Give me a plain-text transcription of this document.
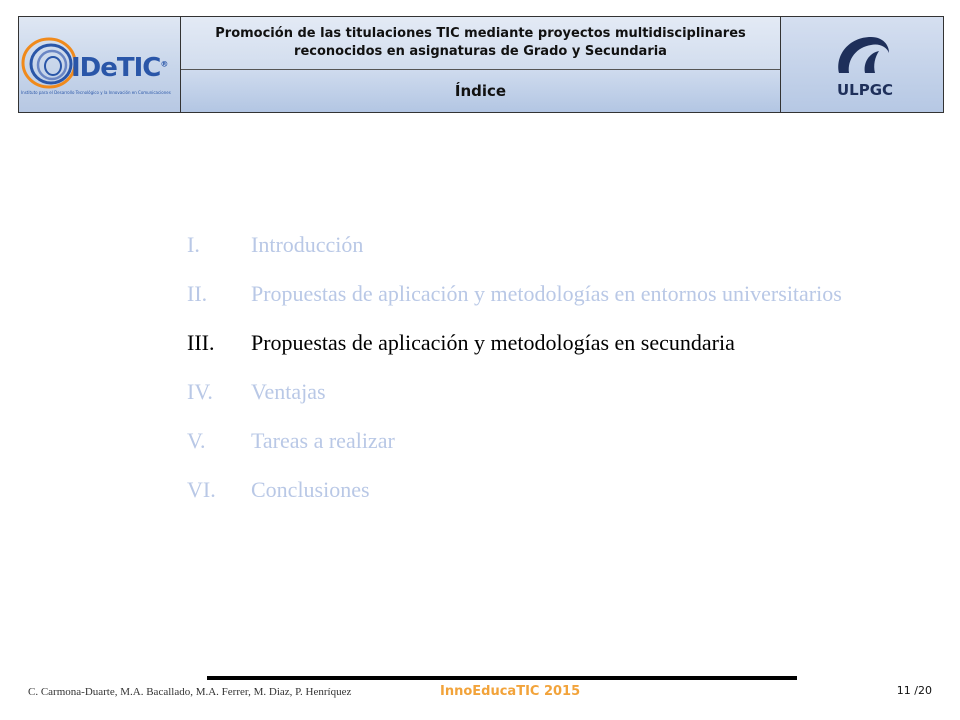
IDeTIC®
Instituto para el Desarrollo Tecnológico y la Innovación en Comunicaciones
Promoción de las titulaciones TIC mediante proyectos multidisciplinares reconocidos en asignaturas de Grado y Secundaria
Índice	ULPGC
I.	Introducción
II.	Propuestas de aplicación y metodologías en entornos universitarios
III.	Propuestas de aplicación y metodologías en secundaria
IV.	Ventajas
V.	Tareas a realizar
VI.	Conclusiones
C. Carmona-Duarte, M.A. Bacallado, M.A. Ferrer, M. Diaz, P. Henríquez	InnoEducaTIC 2015	11 /20
